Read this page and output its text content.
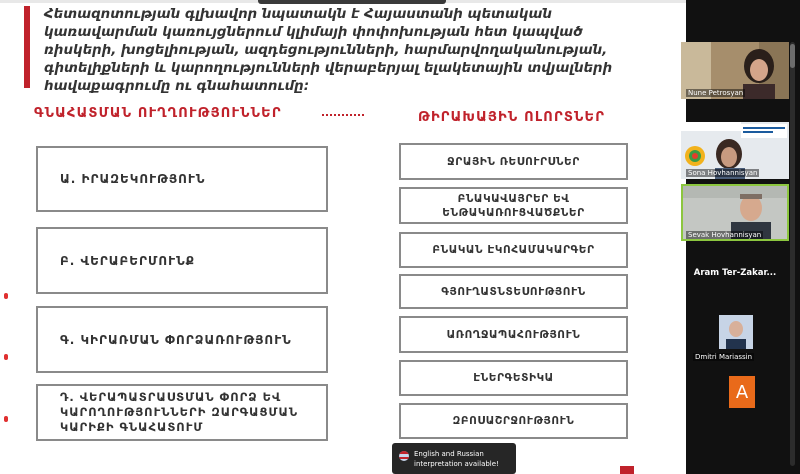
Հետազոտության գլխավոր նպատակն է Հայաստանի պետական կառավարման կառույցներում կլիմայի փոփոխության հետ կապված ռիսկերի, խոցելիության, ազդեցությունների, հարմարվողականության, գիտելիքների և կարողությունների վերաբերյալ ելակետային տվյալների հավաքագրումը ու գնահատումը:

ԳՆԱՀԱՏՄԱՆ ՈՒՂՂՈՒԹՅՈՒՆՆԵՐ	ԹԻՐԱԽԱՅԻՆ ՈԼՈՐՏՆԵՐ
Ա. ԻՐԱԶԵԿՈՒԹՅՈՒՆ
Բ. ՎԵՐԱԲԵՐՄՈՒՆՔ
Գ. ԿԻՐԱՌՄԱՆ ՓՈՐՁԱՌՈՒԹՅՈՒՆ
Դ. ՎԵՐԱՊԱՏՐԱՍՏՄԱՆ ՓՈՐՁ ԵՎ ԿԱՐՈՂՈՒԹՅՈՒՆՆԵՐԻ ԶԱՐԳԱՑՄԱՆ ԿԱՐԻՔԻ ԳՆԱՀԱՏՈՒՄ
ՋՐԱՅԻՆ ՌԵՍՈՒՐՍՆԵՐ
ԲՆԱԿԱՎԱՅՐԵՐ ԵՎ ԵՆԹԱԿԱՌՈՒՑՎԱԾՔՆԵՐ
ԲՆԱԿԱՆ ԷԿՈՀԱՄԱԿԱՐԳԵՐ
ԳՅՈՒՂԱՏՆՏԵՍՈՒԹՅՈՒՆ
ԱՌՈՂՋԱՊԱՀՈՒԹՅՈՒՆ
ԷՆԵՐԳԵՏԻԿԱ
ԶԲՈՍԱՇՐՋՈՒԹՅՈՒՆ
English and Russian
interpretation available!
Nune Petrosyan
Sona Hovhannisyan
Sevak Hovhannisyan
Aram Ter-Zakar...
Dmitri Mariassin
A
